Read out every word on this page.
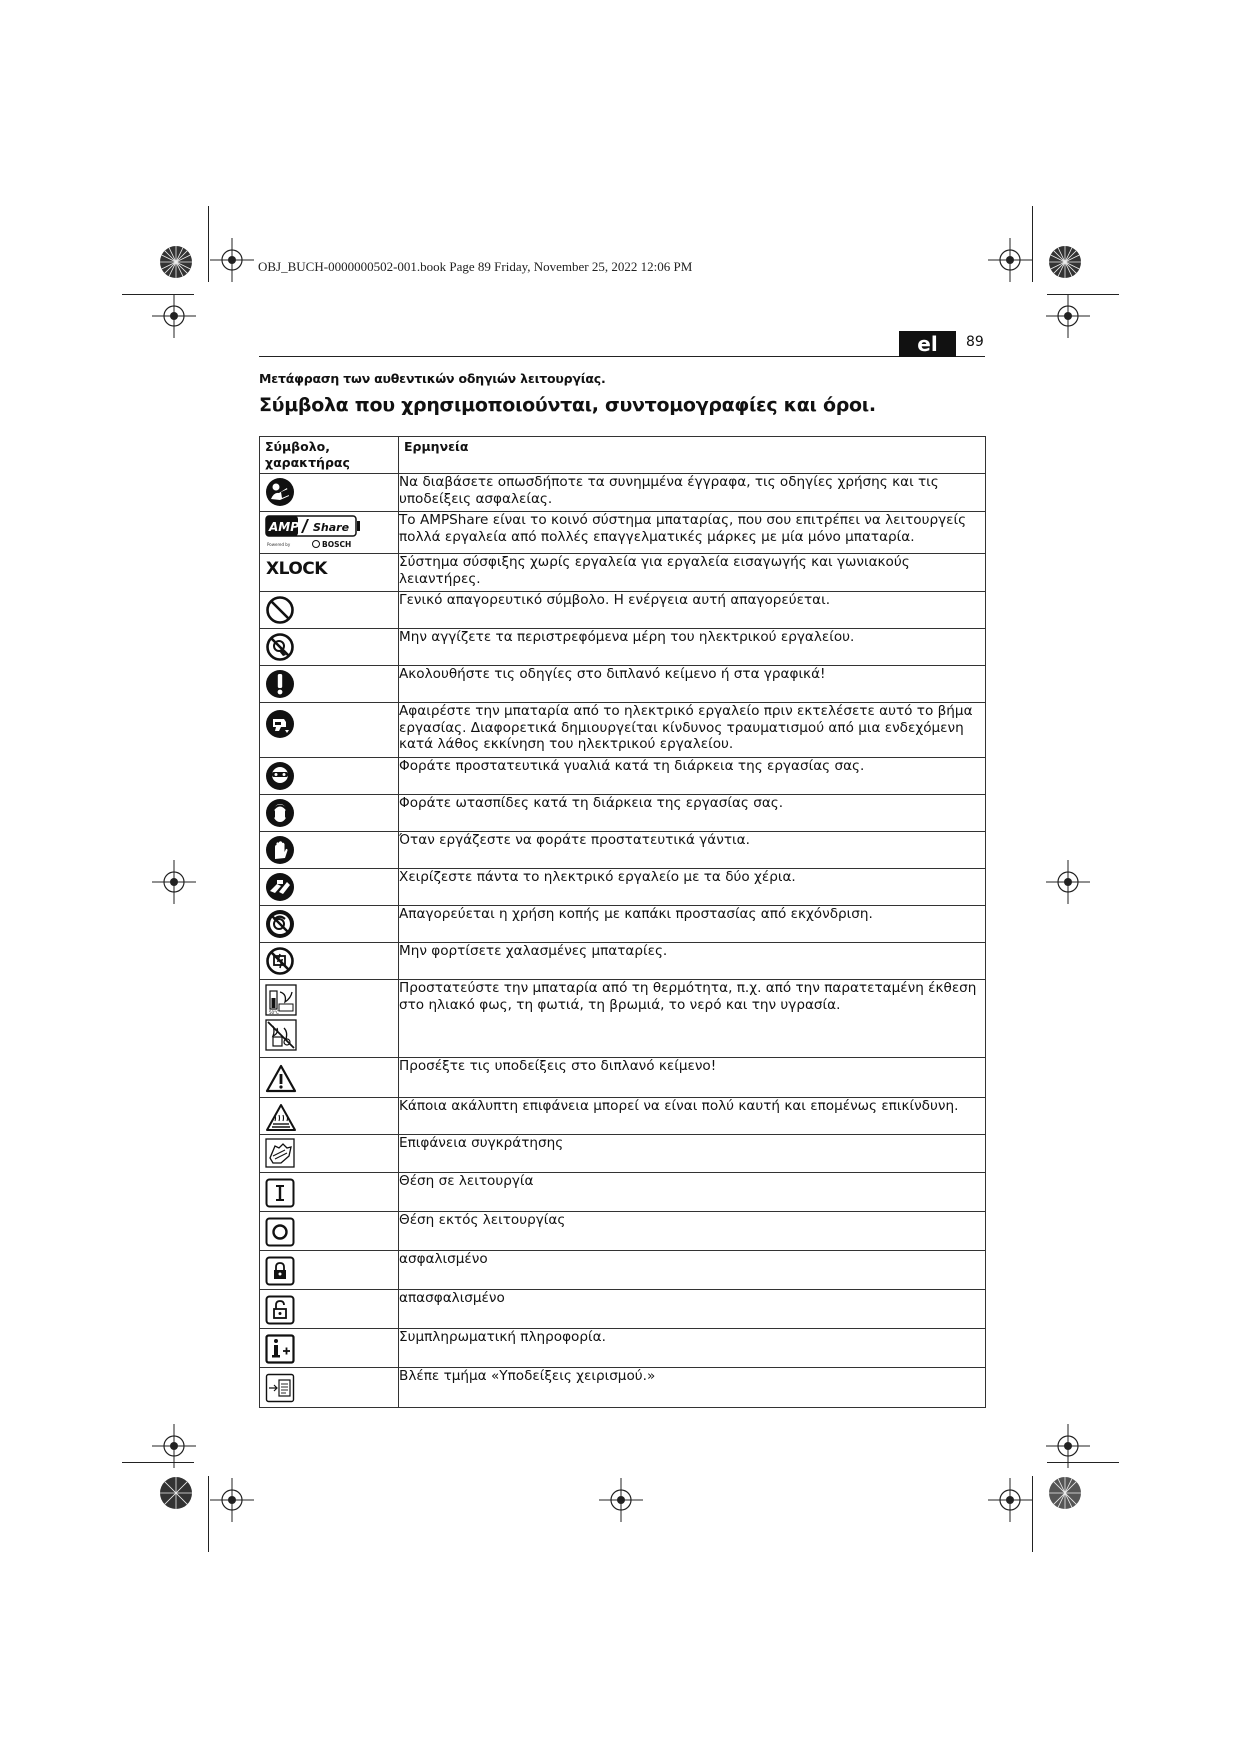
OBJ_BUCH-0000000502-001.book Page 89 Friday, November 25, 2022 12:06 PM
el	89
Μετάφραση των αυθεντικών οδηγιών λειτουργίας.
Σύμβολα που χρησιμοποιούνται, συντομογραφίες και όροι.
Σύμβολο,
χαρακτήρας	Ερμηνεία

	Να διαβάσετε οπωσδήποτε τα συνημμένα έγγραφα, τις οδηγίες χρήσης και τις υποδείξεις ασφαλείας.

AMP Share
Powered by BOSCH	Το AMPShare είναι το κοινό σύστημα μπαταρίας, που σου επιτρέπει να λειτουργείς πολλά εργαλεία από πολλές επαγγελματικές μάρκες με μία μόνο μπαταρία.

XLOCK	Σύστημα σύσφιξης χωρίς εργαλεία για εργαλεία εισαγωγής και γωνιακούς λειαντήρες.

	Γενικό απαγορευτικό σύμβολο. Η ενέργεια αυτή απαγορεύεται.

	Μην αγγίζετε τα περιστρεφόμενα μέρη του ηλεκτρικού εργαλείου.

	Ακολουθήστε τις οδηγίες στο διπλανό κείμενο ή στα γραφικά!

	Αφαιρέστε την μπαταρία από το ηλεκτρικό εργαλείο πριν εκτελέσετε αυτό το βήμα εργασίας. Διαφορετικά δημιουργείται κίνδυνος τραυματισμού από μια ενδεχόμενη κατά λάθος εκκίνηση του ηλεκτρικού εργαλείου.

	Φοράτε προστατευτικά γυαλιά κατά τη διάρκεια της εργασίας σας.

	Φοράτε ωτασπίδες κατά τη διάρκεια της εργασίας σας.

	Όταν εργάζεστε να φοράτε προστατευτικά γάντια.

	Χειρίζεστε πάντα το ηλεκτρικό εργαλείο με τα δύο χέρια.

	Απαγορεύεται η χρήση κοπής με καπάκι προστασίας από εκχόνδριση.

	Μην φορτίσετε χαλασμένες μπαταρίες.

50°C	Προστατεύστε την μπαταρία από τη θερμότητα, π.χ. από την παρατεταμένη έκθεση στο ηλιακό φως, τη φωτιά, τη βρωμιά, το νερό και την υγρασία.

	Προσέξτε τις υποδείξεις στο διπλανό κείμενο!

	Κάποια ακάλυπτη επιφάνεια μπορεί να είναι πολύ καυτή και επομένως επικίνδυνη.

	Επιφάνεια συγκράτησης

	Θέση σε λειτουργία

	Θέση εκτός λειτουργίας

	ασφαλισμένο

	απασφαλισμένο

	Συμπληρωματική πληροφορία.

	Βλέπε τμήμα «Υποδείξεις χειρισμού.»
